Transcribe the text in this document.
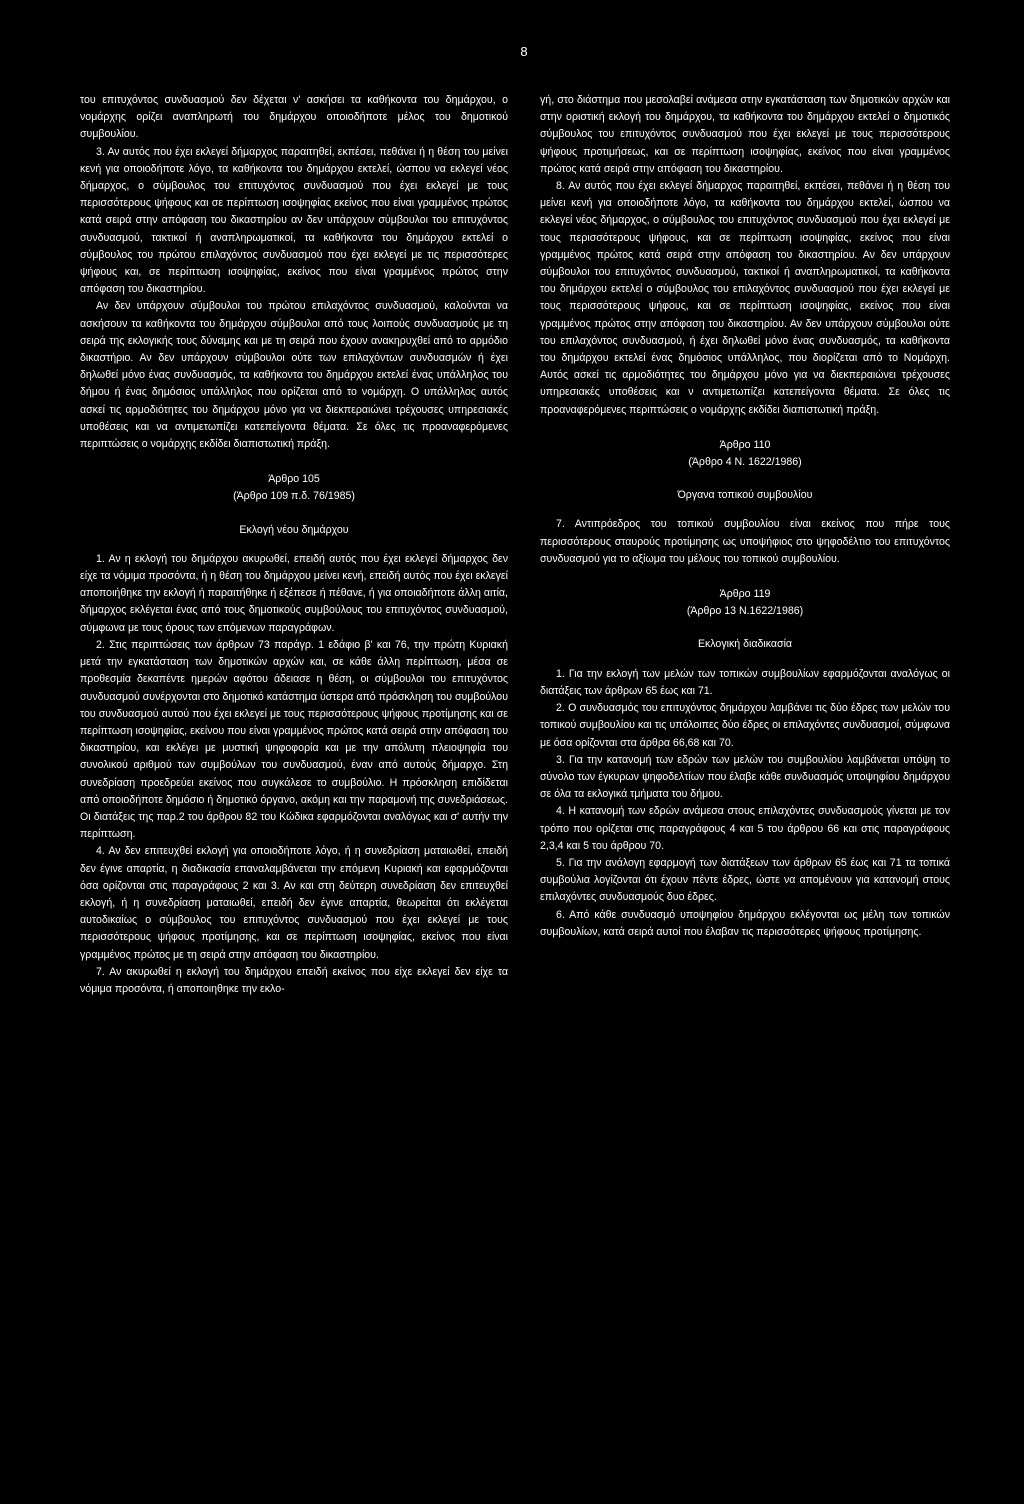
8

του επιτυχόντος συνδυασμού δεν δέχεται ν' ασκήσει τα καθήκοντα του δημάρχου, ο νομάρχης ορίζει αναπληρωτή του δημάρχου οποιοδήποτε μέλος του δημοτικού συμβουλίου.

3. Αν αυτός που έχει εκλεγεί δήμαρχος παραιτηθεί, εκπέσει, πεθάνει ή η θέση του μείνει κενή για οποιοδήποτε λόγο, τα καθήκοντα του δημάρχου εκτελεί, ώσπου να εκλεγεί νέος δήμαρχος, ο σύμβουλος του επιτυχόντος συνδυασμού που έχει εκλεγεί με τους περισσότερους ψήφους και σε περίπτωση ισοψηφίας εκείνος που είναι γραμμένος πρώτος κατά σειρά στην απόφαση του δικαστηρίου αν δεν υπάρχουν σύμβουλοι του επιτυχόντος συνδυασμού, τακτικοί ή αναπληρωματικοί, τα καθήκοντα του δημάρχου εκτελεί ο σύμβουλος του πρώτου επιλαχόντος συνδυασμού που έχει εκλεγεί με τις περισσότερες ψήφους και, σε περίπτωση ισοψηφίας, εκείνος που είναι γραμμένος πρώτος στην απόφαση του δικαστηρίου.

Αν δεν υπάρχουν σύμβουλοι του πρώτου επιλαχόντος συνδυασμού, καλούνται να ασκήσουν τα καθήκοντα του δημάρχου σύμβουλοι από τους λοιπούς συνδυασμούς με τη σειρά της εκλογικής τους δύναμης και με τη σειρά που έχουν ανακηρυχθεί από το αρμόδιο δικαστήριο. Αν δεν υπάρχουν σύμβουλοι ούτε των επιλαχόντων συνδυασμών ή έχει δηλωθεί μόνο ένας συνδυασμός, τα καθήκοντα του δημάρχου εκτελεί ένας υπάλληλος του δήμου ή ένας δημόσιος υπάλληλος που ορίζεται από το νομάρχη. Ο υπάλληλος αυτός ασκεί τις αρμοδιότητες του δημάρχου μόνο για να διεκπεραιώνει τρέχουσες υπηρεσιακές υποθέσεις και να αντιμετωπίζει κατεπείγοντα θέματα. Σε όλες τις προαναφερόμενες περιπτώσεις ο νομάρχης εκδίδει διαπιστωτική πράξη.

Άρθρο 105

(Άρθρο 109 π.δ. 76/1985)

Εκλογή νέου δημάρχου

1. Αν η εκλογή του δημάρχου ακυρωθεί, επειδή αυτός που έχει εκλεγεί δήμαρχος δεν είχε τα νόμιμα προσόντα, ή η θέση του δημάρχου μείνει κενή, επειδή αυτός που έχει εκλεγεί αποποιήθηκε την εκλογή ή παραιτήθηκε ή εξέπεσε ή πέθανε, ή για οποιαδήποτε άλλη αιτία, δήμαρχος εκλέγεται ένας από τους δημοτικούς συμβούλους του επιτυχόντος συνδυασμού, σύμφωνα με τους όρους των επόμενων παραγράφων.

2. Στις περιπτώσεις των άρθρων 73 παράγρ. 1 εδάφιο β' και 76, την πρώτη Κυριακή μετά την εγκατάσταση των δημοτικών αρχών και, σε κάθε άλλη περίπτωση, μέσα σε προθεσμία δεκαπέντε ημερών αφότου άδειασε η θέση, οι σύμβουλοι του επιτυχόντος συνδυασμού συνέρχονται στο δημοτικό κατάστημα ύστερα από πρόσκληση του συμβούλου του συνδυασμού αυτού που έχει εκλεγεί με τους περισσότερους ψήφους προτίμησης και σε περίπτωση ισοψηφίας, εκείνου που είναι γραμμένος πρώτος κατά σειρά στην απόφαση του δικαστηρίου, και εκλέγει με μυστική ψηφοφορία και με την απόλυτη πλειοψηφία του συνολικού αριθμού των συμβούλων του συνδυασμού, έναν από αυτούς δήμαρχο. Στη συνεδρίαση προεδρεύει εκείνος που συγκάλεσε το συμβούλιο. Η πρόσκληση επιδίδεται από οποιοδήποτε δημόσιο ή δημοτικό όργανο, ακόμη και την παραμονή της συνεδριάσεως. Οι διατάξεις της παρ.2 του άρθρου 82 του Κώδικα εφαρμόζονται αναλόγως και σ' αυτήν την περίπτωση.

4. Αν δεν επιτευχθεί εκλογή για οποιοδήποτε λόγο, ή η συνεδρίαση ματαιωθεί, επειδή δεν έγινε απαρτία, η διαδικασία επαναλαμβάνεται την επόμενη Κυριακή και εφαρμόζονται όσα ορίζονται στις παραγράφους 2 και 3. Αν και στη δεύτερη συνεδρίαση δεν επιτευχθεί εκλογή, ή η συνεδρίαση ματαιωθεί, επειδή δεν έγινε απαρτία, θεωρείται ότι εκλέγεται αυτοδικαίως ο σύμβουλος του επιτυχόντος συνδυασμού που έχει εκλεγεί με τους περισσότερους ψήφους προτίμησης, και σε περίπτωση ισοψηφίας, εκείνος που είναι γραμμένος πρώτος με τη σειρά στην απόφαση του δικαστηρίου.

7. Αν ακυρωθεί η εκλογή του δημάρχου επειδή εκείνος που είχε εκλεγεί δεν είχε τα νόμιμα προσόντα, ή αποποιηθηκε την εκλο-

γή, στο διάστημα που μεσολαβεί ανάμεσα στην εγκατάσταση των δημοτικών αρχών και στην οριστική εκλογή του δημάρχου, τα καθήκοντα του δημάρχου εκτελεί ο δημοτικός σύμβουλος του επιτυχόντος συνδυασμού που έχει εκλεγεί με τους περισσότερους ψήφους προτιμήσεως, και σε περίπτωση ισοψηφίας, εκείνος που είναι γραμμένος πρώτος κατά σειρά στην απόφαση του δικαστηρίου.

8. Αν αυτός που έχει εκλεγεί δήμαρχος παραιτηθεί, εκπέσει, πεθάνει ή η θέση του μείνει κενή για οποιοδήποτε λόγο, τα καθήκοντα του δημάρχου εκτελεί, ώσπου να εκλεγεί νέος δήμαρχος, ο σύμβουλος του επιτυχόντος συνδυασμού που έχει εκλεγεί με τους περισσότερους ψήφους, και σε περίπτωση ισοψηφίας, εκείνος που είναι γραμμένος πρώτος κατά σειρά στην απόφαση του δικαστηρίου. Αν δεν υπάρχουν σύμβουλοι του επιτυχόντος συνδυασμού, τακτικοί ή αναπληρωματικοί, τα καθήκοντα του δημάρχου εκτελεί ο σύμβουλος του επιλαχόντος συνδυασμού που έχει εκλεγεί με τους περισσότερους ψήφους, και σε περίπτωση ισοψηφίας, εκείνος που είναι γραμμένος πρώτος στην απόφαση του δικαστηρίου. Αν δεν υπάρχουν σύμβουλοι ούτε του επιλαχόντος συνδυασμού, ή έχει δηλωθεί μόνο ένας συνδυασμός, τα καθήκοντα του δημάρχου εκτελεί ένας δημόσιος υπάλληλος, που διορίζεται από το Νομάρχη. Αυτός ασκεί τις αρμοδιότητες του δημάρχου μόνο για να διεκπεραιώνει τρέχουσες υπηρεσιακές υποθέσεις και ν αντιμετωπίζει κατεπείγοντα θέματα. Σε όλες τις προαναφερόμενες περιπτώσεις ο νομάρχης εκδίδει διαπιστωτική πράξη.

Άρθρο 110

(Άρθρο 4 Ν. 1622/1986)

Όργανα τοπικού συμβουλίου

7. Αντιπρόεδρος του τοπικού συμβουλίου είναι εκείνος που πήρε τους περισσότερους σταυρούς προτίμησης ως υποψήφιος στο ψηφοδέλτιο του επιτυχόντος συνδυασμού για το αξίωμα του μέλους του τοπικού συμβουλίου.

Άρθρο 119

(Άρθρο 13 Ν.1622/1986)

Εκλογική διαδικασία

1. Για την εκλογή των μελών των τοπικών συμβουλίων εφαρμόζονται αναλόγως οι διατάξεις των άρθρων 65 έως και 71.

2. Ο συνδυασμός του επιτυχόντος δημάρχου λαμβάνει τις δύο έδρες των μελών του τοπικού συμβουλίου και τις υπόλοιπες δύο έδρες οι επιλαχόντες συνδυασμοί, σύμφωνα με όσα ορίζονται στα άρθρα 66,68 και 70.

3. Για την κατανομή των εδρών των μελών του συμβουλίου λαμβάνεται υπόψη το σύνολο των έγκυρων ψηφοδελτίων που έλαβε κάθε συνδυασμός υποψηφίου δημάρχου σε όλα τα εκλογικά τμήματα του δήμου.

4. Η κατανομή των εδρών ανάμεσα στους επιλαχόντες συνδυασμούς γίνεται με τον τρόπο που ορίζεται στις παραγράφους 4 και 5 του άρθρου 66 και στις παραγράφους 2,3,4 και 5 του άρθρου 70.

5. Για την ανάλογη εφαρμογή των διατάξεων των άρθρων 65 έως και 71 τα τοπικά συμβούλια λογίζονται ότι έχουν πέντε έδρες, ώστε να απομένουν για κατανομή στους επιλαχόντες συνδυασμούς δυο έδρες.

6. Από κάθε συνδυασμό υποψηφίου δημάρχου εκλέγονται ως μέλη των τοπικών συμβουλίων, κατά σειρά αυτοί που έλαβαν τις περισσότερες ψήφους προτίμησης.
